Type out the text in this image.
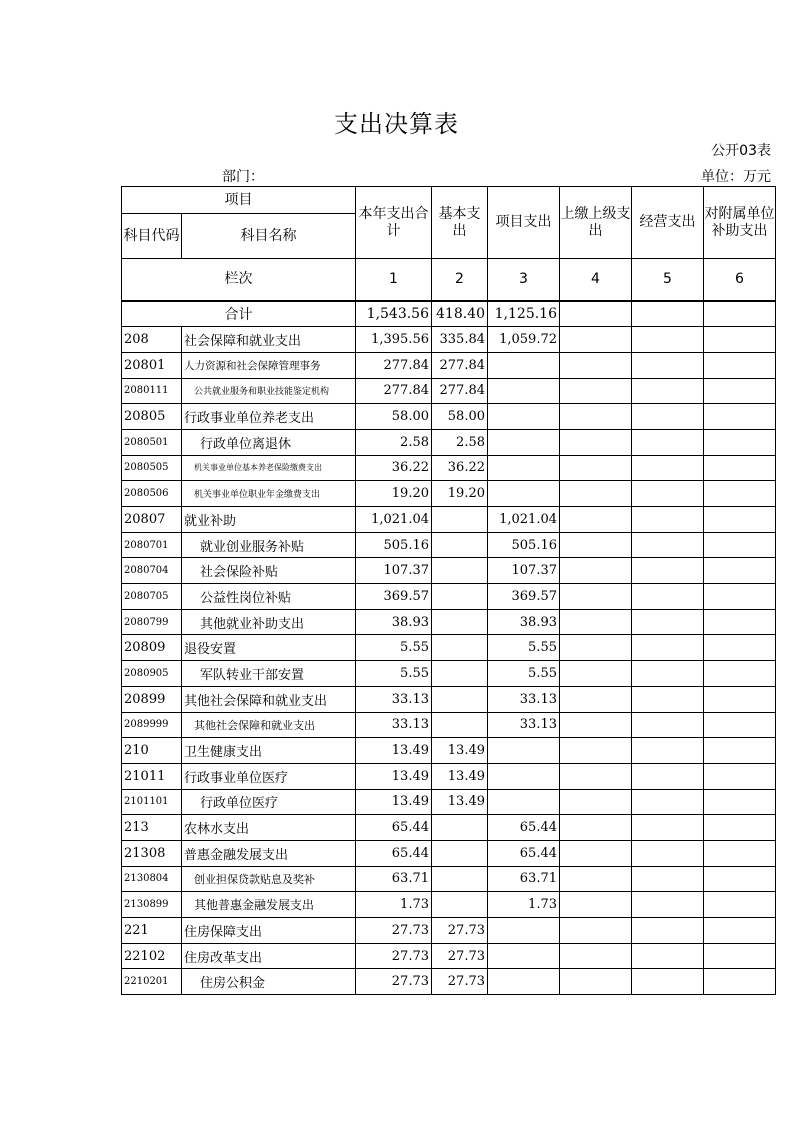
支出决算表
公开03表
部门：	单位：万元
项目		本年支出合计	基本支出	项目支出	上缴上级支出	经营支出	对附属单位补助支出
科目代码	科目名称						
栏次		1	2	3	4	5	6
合计		1,543.56	418.40	1,125.16			
208	社会保障和就业支出	1,395.56	335.84	1,059.72			
20801	人力资源和社会保障管理事务	277.84	277.84				
2080111	公共就业服务和职业技能鉴定机构	277.84	277.84				
20805	行政事业单位养老支出	58.00	58.00				
2080501	行政单位离退休	2.58	2.58				
2080505	机关事业单位基本养老保险缴费支出	36.22	36.22				
2080506	机关事业单位职业年金缴费支出	19.20	19.20				
20807	就业补助	1,021.04		1,021.04			
2080701	就业创业服务补贴	505.16		505.16			
2080704	社会保险补贴	107.37		107.37			
2080705	公益性岗位补贴	369.57		369.57			
2080799	其他就业补助支出	38.93		38.93			
20809	退役安置	5.55		5.55			
2080905	军队转业干部安置	5.55		5.55			
20899	其他社会保障和就业支出	33.13		33.13			
2089999	其他社会保障和就业支出	33.13		33.13			
210	卫生健康支出	13.49	13.49				
21011	行政事业单位医疗	13.49	13.49				
2101101	行政单位医疗	13.49	13.49				
213	农林水支出	65.44		65.44			
21308	普惠金融发展支出	65.44		65.44			
2130804	创业担保贷款贴息及奖补	63.71		63.71			
2130899	其他普惠金融发展支出	1.73		1.73			
221	住房保障支出	27.73	27.73				
22102	住房改革支出	27.73	27.73				
2210201	住房公积金	27.73	27.73				
